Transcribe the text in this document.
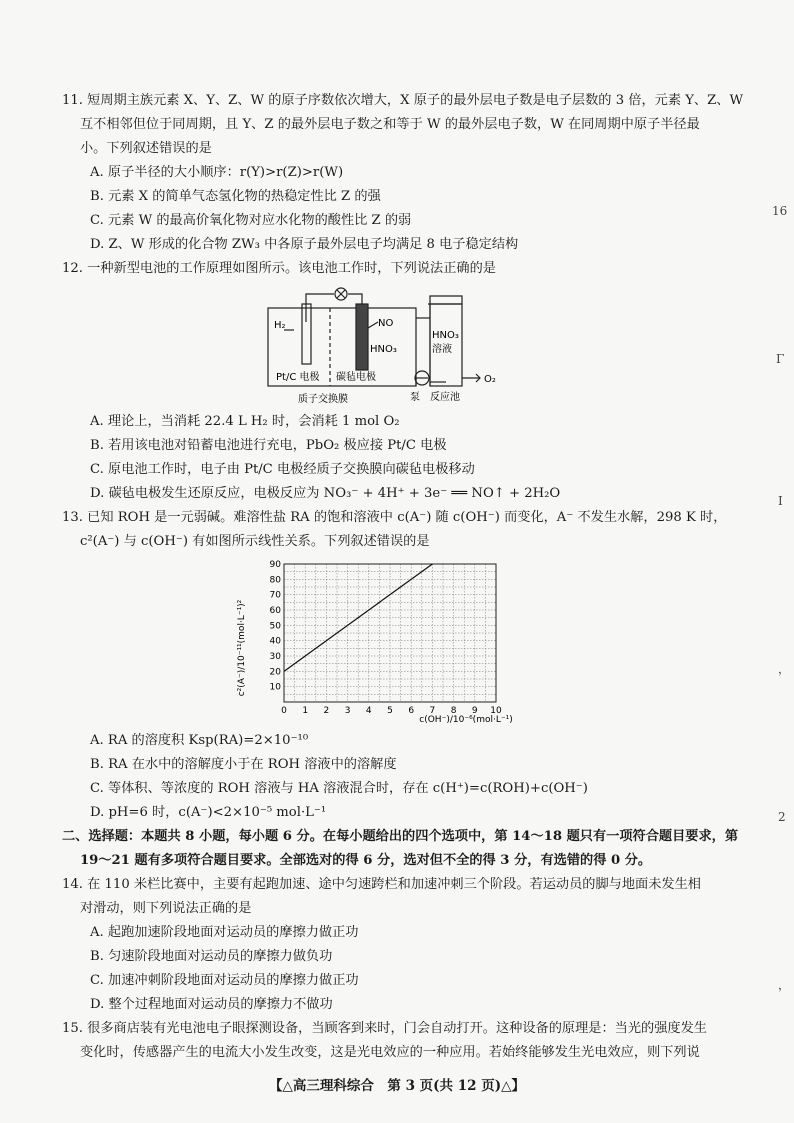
11. 短周期主族元素 X、Y、Z、W 的原子序数依次增大，X 原子的最外层电子数是电子层数的 3 倍，元素 Y、Z、W
互不相邻但位于同周期，且 Y、Z 的最外层电子数之和等于 W 的最外层电子数，W 在同周期中原子半径最
小。下列叙述错误的是
A. 原子半径的大小顺序：r(Y)>r(Z)>r(W)
B. 元素 X 的简单气态氢化物的热稳定性比 Z 的强
C. 元素 W 的最高价氧化物对应水化物的酸性比 Z 的弱
D. Z、W 形成的化合物 ZW₃ 中各原子最外层电子均满足 8 电子稳定结构
12. 一种新型电池的工作原理如图所示。该电池工作时，下列说法正确的是
H₂	NO
HNO₃
HNO₃
溶液
O₂
Pt/C 电极 碳毡电极
质子交换膜	泵 反应池
A. 理论上，当消耗 22.4 L H₂ 时，会消耗 1 mol O₂
B. 若用该电池对铅蓄电池进行充电，PbO₂ 极应接 Pt/C 电极
C. 原电池工作时，电子由 Pt/C 电极经质子交换膜向碳毡电极移动
D. 碳毡电极发生还原反应，电极反应为 NO₃⁻ + 4H⁺ + 3e⁻ ══ NO↑ + 2H₂O
13. 已知 ROH 是一元弱碱。难溶性盐 RA 的饱和溶液中 c(A⁻) 随 c(OH⁻) 而变化，A⁻ 不发生水解，298 K 时，
c²(A⁻) 与 c(OH⁻) 有如图所示线性关系。下列叙述错误的是
0 1 2 3 4 5 6 7 8 9 10
10
20
30
40
50
60
70
80
90
c²(A⁻)/10⁻¹¹(mol·L⁻¹)²
c(OH⁻)/10⁻⁶(mol·L⁻¹)
A. RA 的溶度积 Ksp(RA)=2×10⁻¹⁰
B. RA 在水中的溶解度小于在 ROH 溶液中的溶解度
C. 等体积、等浓度的 ROH 溶液与 HA 溶液混合时，存在 c(H⁺)=c(ROH)+c(OH⁻)
D. pH=6 时，c(A⁻)<2×10⁻⁵ mol·L⁻¹
二、选择题：本题共 8 小题，每小题 6 分。在每小题给出的四个选项中，第 14～18 题只有一项符合题目要求，第
19～21 题有多项符合题目要求。全部选对的得 6 分，选对但不全的得 3 分，有选错的得 0 分。
14. 在 110 米栏比赛中，主要有起跑加速、途中匀速跨栏和加速冲刺三个阶段。若运动员的脚与地面未发生相
对滑动，则下列说法正确的是
A. 起跑加速阶段地面对运动员的摩擦力做正功
B. 匀速阶段地面对运动员的摩擦力做负功
C. 加速冲刺阶段地面对运动员的摩擦力做正功
D. 整个过程地面对运动员的摩擦力不做功
15. 很多商店装有光电池电子眼探测设备，当顾客到来时，门会自动打开。这种设备的原理是：当光的强度发生
变化时，传感器产生的电流大小发生改变，这是光电效应的一种应用。若始终能够发生光电效应，则下列说
【△高三理科综合　第 3 页(共 12 页)△】
16
Γ
I
，
2
，
